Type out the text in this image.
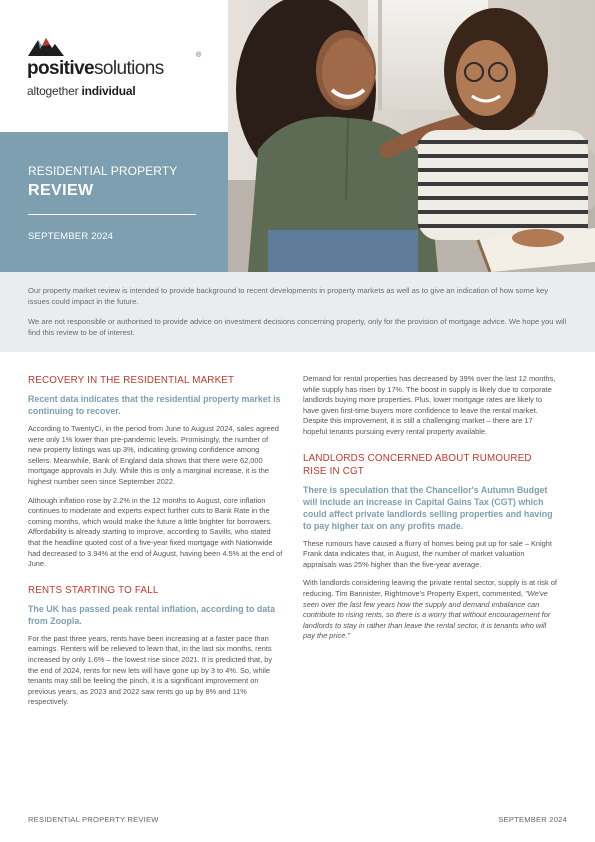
positivesolutions
®
altogether individual
RESIDENTIAL PROPERTY
REVIEW
SEPTEMBER 2024

Our property market review is intended to provide background to recent developments in property markets as well as to give an indication of how some key issues could impact in the future.

We are not responsible or authorised to provide advice on investment decisions concerning property, only for the provision of mortgage advice. We hope you will find this review to be of interest.

RECOVERY IN THE RESIDENTIAL MARKET
Recent data indicates that the residential property market is continuing to recover.

According to TwentyCi, in the period from June to August 2024, sales agreed were only 1% lower than pre-pandemic levels. Promisingly, the number of new property listings was up 3%, indicating growing confidence among sellers. Meanwhile, Bank of England data shows that there were 62,000 mortgage approvals in July. While this is only a marginal increase, it is the highest number seen since September 2022.

Although inflation rose by 2.2% in the 12 months to August, core inflation continues to moderate and experts expect further cuts to Bank Rate in the coming months, which would make the future a little brighter for borrowers. Affordability is already starting to improve, according to Savills, who stated that the headline quoted cost of a five-year fixed mortgage with Nationwide had decreased to 3.94% at the end of August, having been 4.5% at the end of June.

RENTS STARTING TO FALL
The UK has passed peak rental inflation, according to data from Zoopla.

For the past three years, rents have been increasing at a faster pace than earnings. Renters will be relieved to learn that, in the last six months, rents increased by only 1.6% – the lowest rise since 2021. It is predicted that, by the end of 2024, rents for new lets will have gone up by 3 to 4%. So, while tenants may still be feeling the pinch, it is a significant improvement on previous years, as 2023 and 2022 saw rents go up by 8% and 11% respectively.

Demand for rental properties has decreased by 39% over the last 12 months, while supply has risen by 17%. The boost in supply is likely due to corporate landlords buying more properties. Plus, lower mortgage rates are likely to have given first-time buyers more confidence to leave the rental market. Despite this improvement, it is still a challenging market – there are 17 hopeful tenants pursuing every rental property available.

LANDLORDS CONCERNED ABOUT RUMOURED RISE IN CGT
There is speculation that the Chancellor's Autumn Budget will include an increase in Capital Gains Tax (CGT) which could affect private landlords selling properties and having to pay higher tax on any profits made.

These rumours have caused a flurry of homes being put up for sale – Knight Frank data indicates that, in August, the number of market valuation appraisals was 25% higher than the five-year average.

With landlords considering leaving the private rental sector, supply is at risk of reducing. Tim Bannister, Rightmove's Property Expert, commented, "We've seen over the last few years how the supply and demand imbalance can contribute to rising rents, so there is a worry that without encouragement for landlords to stay in rather than leave the rental sector, it is tenants who will pay the price."

RESIDENTIAL PROPERTY REVIEW	SEPTEMBER 2024
